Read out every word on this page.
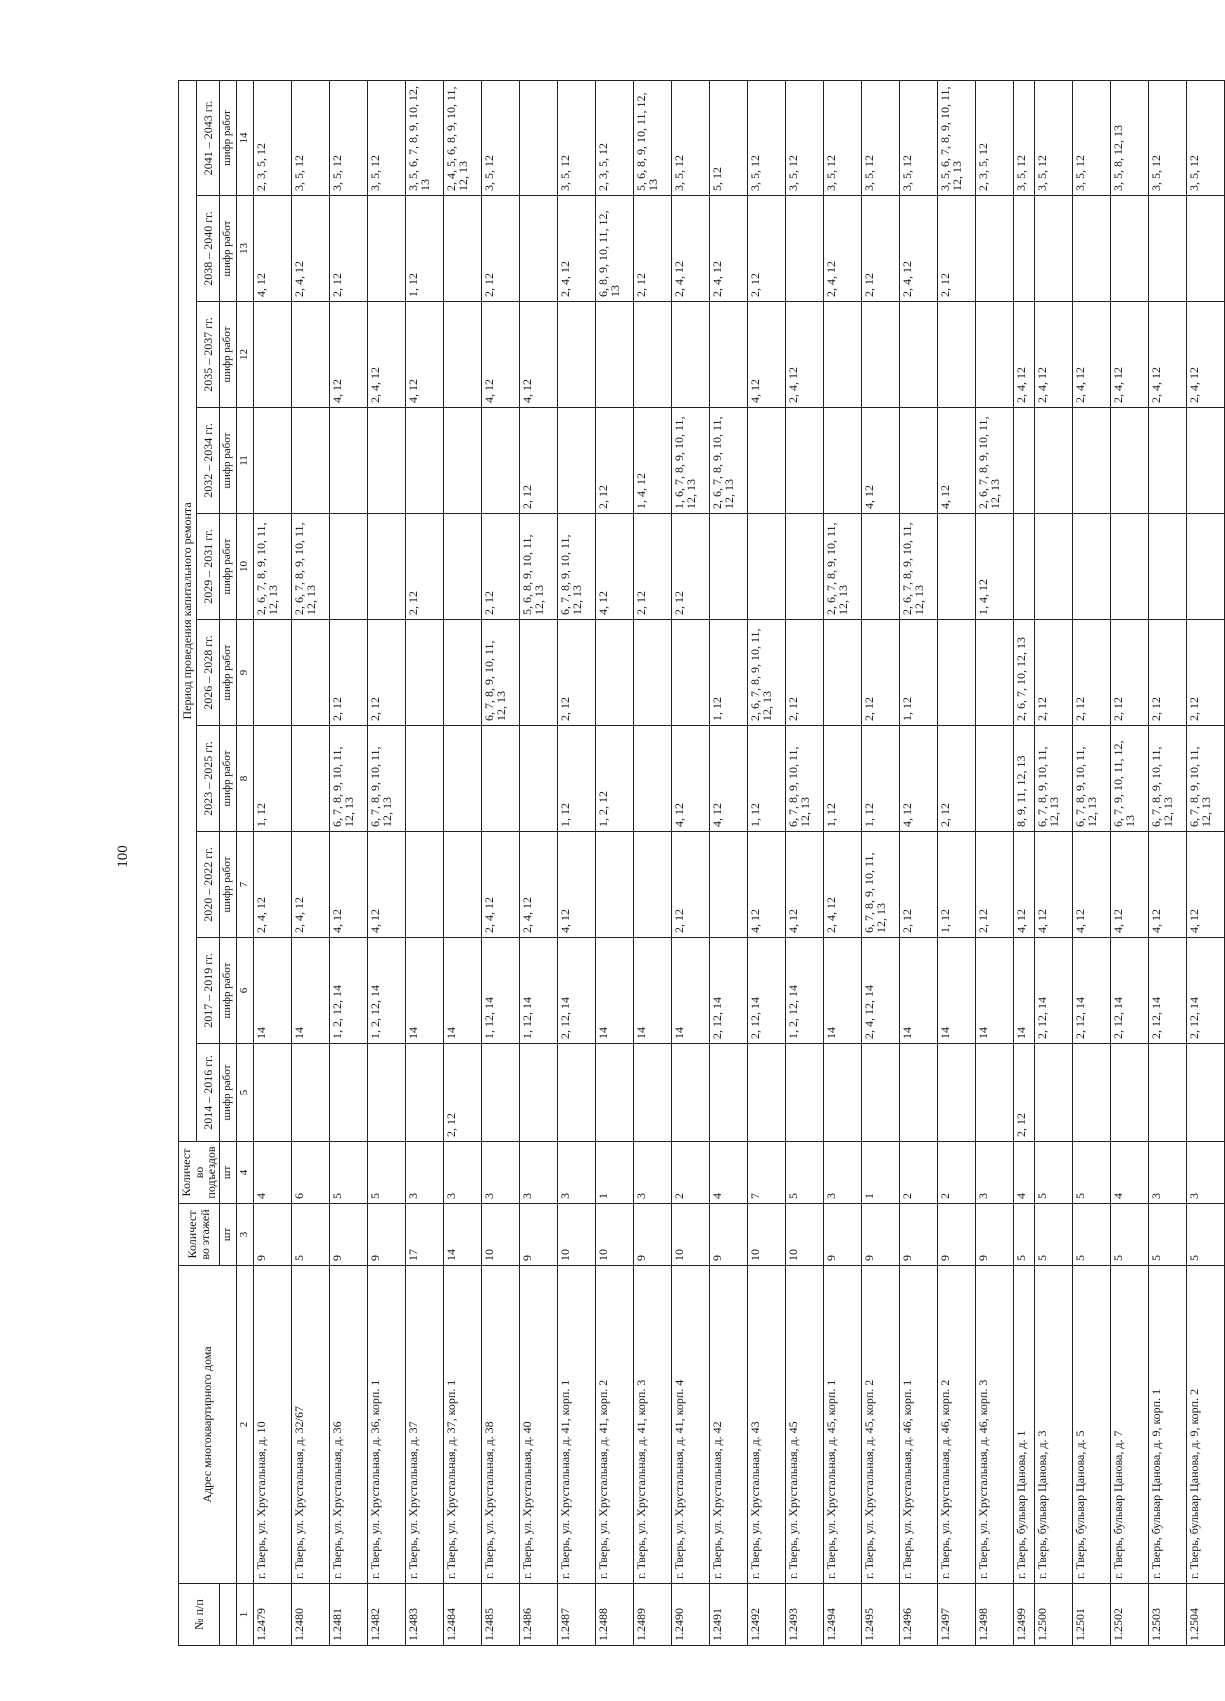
100
№ п/п	Адрес многоквартирного дома	Количество этажей	Количество подъездов	Период проведения капитального ремонта									
				2014 – 2016 гг.	2017 – 2019 гг.	2020 – 2022 гг.	2023 – 2025 гг.	2026 – 2028 гг.	2029 – 2031 гг.	2032 – 2034 гг.	2035 – 2037 гг.	2038 – 2040 гг.	2041 – 2043 гг.
		шт	шт	шифр работ	шифр работ	шифр работ	шифр работ	шифр работ	шифр работ	шифр работ	шифр работ	шифр работ	шифр работ
1	2	3	4	5	6	7	8	9	10	11	12	13	14
1.2479	г. Тверь, ул. Хрустальная, д. 10	9	4		14	2, 4, 12	1, 12		2, 6, 7, 8, 9, 10, 11, 12, 13			4, 12	2, 3, 5, 12
1.2480	г. Тверь, ул. Хрустальная, д. 32/67	5	6		14	2, 4, 12			2, 6, 7, 8, 9, 10, 11, 12, 13			2, 4, 12	3, 5, 12
1.2481	г. Тверь, ул. Хрустальная, д. 36	9	5		1, 2, 12, 14	4, 12	6, 7, 8, 9, 10, 11, 12, 13	2, 12			4, 12	2, 12	3, 5, 12
1.2482	г. Тверь, ул. Хрустальная, д. 36, корп. 1	9	5		1, 2, 12, 14	4, 12	6, 7, 8, 9, 10, 11, 12, 13	2, 12			2, 4, 12		3, 5, 12
1.2483	г. Тверь, ул. Хрустальная, д. 37	17	3		14				2, 12		4, 12	1, 12	3, 5, 6, 7, 8, 9, 10, 12, 13
1.2484	г. Тверь, ул. Хрустальная, д. 37, корп. 1	14	3	2, 12	14								2, 4, 5, 6, 8, 9, 10, 11, 12, 13
1.2485	г. Тверь, ул. Хрустальная, д. 38	10	3		1, 12, 14	2, 4, 12		6, 7, 8, 9, 10, 11, 12, 13	2, 12		4, 12	2, 12	3, 5, 12
1.2486	г. Тверь, ул. Хрустальная, д. 40	9	3		1, 12, 14	2, 4, 12			5, 6, 8, 9, 10, 11, 12, 13	2, 12	4, 12		
1.2487	г. Тверь, ул. Хрустальная, д. 41, корп. 1	10	3		2, 12, 14	4, 12	1, 12	2, 12	6, 7, 8, 9, 10, 11, 12, 13			2, 4, 12	3, 5, 12
1.2488	г. Тверь, ул. Хрустальная, д. 41, корп. 2	10	1		14		1, 2, 12		4, 12	2, 12		6, 8, 9, 10, 11, 12, 13	2, 3, 5, 12
1.2489	г. Тверь, ул. Хрустальная, д. 41, корп. 3	9	3		14				2, 12	1, 4, 12		2, 12	5, 6, 8, 9, 10, 11, 12, 13
1.2490	г. Тверь, ул. Хрустальная, д. 41, корп. 4	10	2		14	2, 12	4, 12		2, 12	1, 6, 7, 8, 9, 10, 11, 12, 13		2, 4, 12	3, 5, 12
1.2491	г. Тверь, ул. Хрустальная, д. 42	9	4		2, 12, 14		4, 12	1, 12		2, 6, 7, 8, 9, 10, 11, 12, 13		2, 4, 12	5, 12
1.2492	г. Тверь, ул. Хрустальная, д. 43	10	7		2, 12, 14	4, 12	1, 12	2, 6, 7, 8, 9, 10, 11, 12, 13			4, 12	2, 12	3, 5, 12
1.2493	г. Тверь, ул. Хрустальная, д. 45	10	5		1, 2, 12, 14	4, 12	6, 7, 8, 9, 10, 11, 12, 13	2, 12			2, 4, 12		3, 5, 12
1.2494	г. Тверь, ул. Хрустальная, д. 45, корп. 1	9	3		14	2, 4, 12	1, 12		2, 6, 7, 8, 9, 10, 11, 12, 13			2, 4, 12	3, 5, 12
1.2495	г. Тверь, ул. Хрустальная, д. 45, корп. 2	9	1		2, 4, 12, 14	6, 7, 8, 9, 10, 11, 12, 13	1, 12	2, 12		4, 12		2, 12	3, 5, 12
1.2496	г. Тверь, ул. Хрустальная, д. 46, корп. 1	9	2		14	2, 12	4, 12	1, 12	2, 6, 7, 8, 9, 10, 11, 12, 13			2, 4, 12	3, 5, 12
1.2497	г. Тверь, ул. Хрустальная, д. 46, корп. 2	9	2		14	1, 12	2, 12			4, 12		2, 12	3, 5, 6, 7, 8, 9, 10, 11, 12, 13
1.2498	г. Тверь, ул. Хрустальная, д. 46, корп. 3	9	3		14	2, 12			1, 4, 12	2, 6, 7, 8, 9, 10, 11, 12, 13			2, 3, 5, 12
1.2499	г. Тверь, бульвар Цанова, д. 1	5	4	2, 12	14	4, 12	8, 9, 11, 12, 13	2, 6, 7, 10, 12, 13			2, 4, 12		3, 5, 12
1.2500	г. Тверь, бульвар Цанова, д. 3	5	5		2, 12, 14	4, 12	6, 7, 8, 9, 10, 11, 12, 13	2, 12			2, 4, 12		3, 5, 12
1.2501	г. Тверь, бульвар Цанова, д. 5	5	5		2, 12, 14	4, 12	6, 7, 8, 9, 10, 11, 12, 13	2, 12			2, 4, 12		3, 5, 12
1.2502	г. Тверь, бульвар Цанова, д. 7	5	4		2, 12, 14	4, 12	6, 7, 9, 10, 11, 12, 13	2, 12			2, 4, 12		3, 5, 8, 12, 13
1.2503	г. Тверь, бульвар Цанова, д. 9, корп. 1	5	3		2, 12, 14	4, 12	6, 7, 8, 9, 10, 11, 12, 13	2, 12			2, 4, 12		3, 5, 12
1.2504	г. Тверь, бульвар Цанова, д. 9, корп. 2	5	3		2, 12, 14	4, 12	6, 7, 8, 9, 10, 11, 12, 13	2, 12			2, 4, 12		3, 5, 12
